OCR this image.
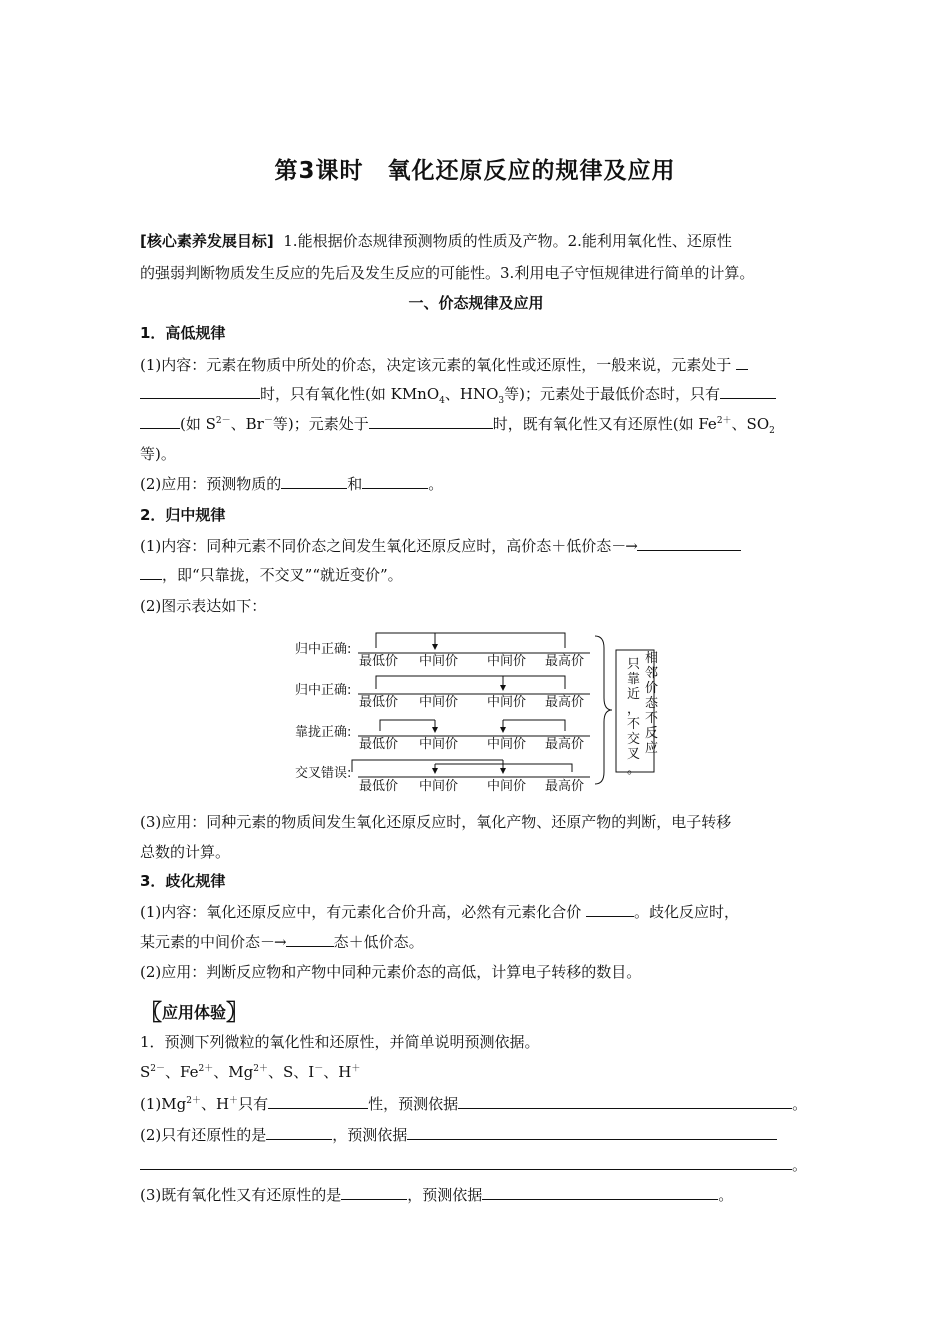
第3课时　氧化还原反应的规律及应用
[核心素养发展目标] 1.能根据价态规律预测物质的性质及产物。2.能利用氧化性、还原性
的强弱判断物质发生反应的先后及发生反应的可能性。3.利用电子守恒规律进行简单的计算。
一、价态规律及应用
1．高低规律
(1)内容：元素在物质中所处的价态，决定该元素的氧化性或还原性，一般来说，元素处于
时，只有氧化性(如 KMnO$_4$、$HNO_3$等)；元素处于最低价态时，只有
(如 $S^{2-}$、Br－等)；元素处于	时，既有氧化性又有还原性(如 $Fe^{2+}$、$SO_2$
等)。
(2)应用：预测物质的	和	。
2．归中规律
(1)内容：同种元素不同价态之间发生氧化还原反应时，高价态＋低价态－→
，即“只靠拢，不交叉”“就近变价”。
(2)图示表达如下：
归中正确:
归中正确:
靠拢正确:
交叉错误:
最低价 中间价 中间价 最高价
最低价 中间价 中间价 最高价
最低价 中间价 中间价 最高价
最低价 中间价 中间价 最高价
只靠近，不交叉。
相邻价态不反应
(3)应用：同种元素的物质间发生氧化还原反应时，氧化产物、还原产物的判断，电子转移
总数的计算。
3．歧化规律
(1)内容：氧化还原反应中，有元素化合价升高，必然有元素化合价	。歧化反应时，
某元素的中间价态－→	态＋低价态。
(2)应用：判断反应物和产物中同种元素价态的高低，计算电子转移的数目。
〖应用体验〗
1．预测下列微粒的氧化性和还原性，并简单说明预测依据。
$S^{2-}$、$Fe^{2+}$、$Mg^{2+}$、S、I－、H＋
$(1)Mg^{2+}$、H＋只有	性，预测依据	。
(2)只有还原性的是	，预测依据
。
(3)既有氧化性又有还原性的是	，预测依据	。
